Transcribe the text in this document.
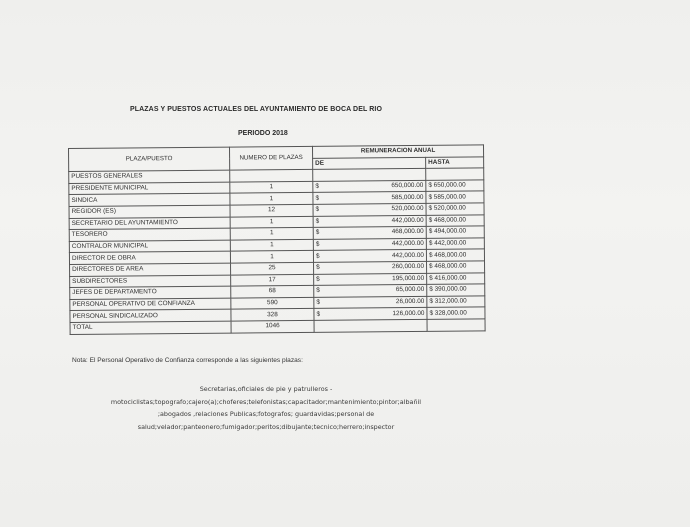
PLAZAS Y PUESTOS ACTUALES DEL AYUNTAMIENTO DE BOCA DEL RIO
PERIODO 2018
PLAZA/PUESTO	NUMERO DE PLAZAS	REMUNERACION ANUAL	
		DE	HASTA
PUESTOS GENERALES		

PRESIDENTE MUNICIPAL	1	$ 650,000.00	$ 650,000.00
SINDICA	1	$ 585,000.00	$ 585,000.00
REGIDOR (ES)	12	$ 520,000.00	$ 520,000.00
SECRETARIO DEL AYUNTAMIENTO	1	$ 442,000.00	$ 468,000.00
TESORERO	1	$ 468,000.00	$ 494,000.00
CONTRALOR MUNICIPAL	1	$ 442,000.00	$ 442,000.00
DIRECTOR DE OBRA	1	$ 442,000.00	$ 468,000.00
DIRECTORES DE AREA	25	$ 260,000.00	$ 468,000.00
SUBDIRECTORES	17	$ 195,000.00	$ 416,000.00
JEFES DE DEPARTAMENTO	68	$ 65,000.00	$ 390,000.00
PERSONAL OPERATIVO DE CONFIANZA	590	$ 26,000.00	$ 312,000.00
PERSONAL SINDICALIZADO	328	$ 126,000.00	$ 328,000.00
TOTAL	1046	

Nota: El Personal Operativo de Confianza corresponde a las siguientes plazas:
Secretarias,oficiales de pie y patrulleros -
motociclistas;topografo;cajero(a);choferes;telefonistas;capacitador;mantenimiento;pintor;albañil
;abogados ,relaciones Publicas;fotografos; guardavidas;personal de
salud;velador;panteonero;fumigador;peritos;dibujante;tecnico;herrero;inspector
